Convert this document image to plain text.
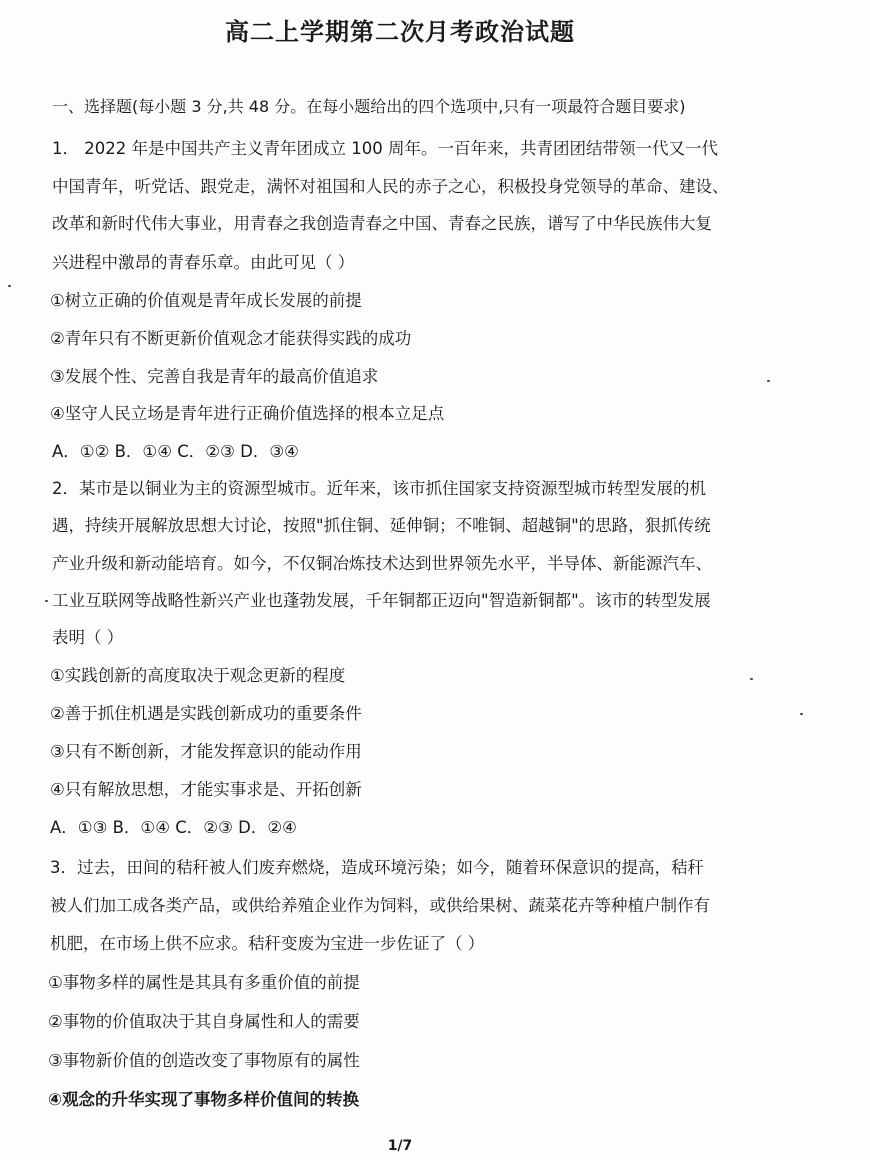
高二上学期第二次月考政治试题
一、选择题(每小题 3 分,共 48 分。在每小题给出的四个选项中,只有一项最符合题目要求)
1． 2022 年是中国共产主义青年团成立 100 周年。一百年来，共青团团结带领一代又一代
中国青年，听党话、跟党走，满怀对祖国和人民的赤子之心，积极投身党领导的革命、建设、
改革和新时代伟大事业，用青春之我创造青春之中国、青春之民族，谱写了中华民族伟大复
兴进程中激昂的青春乐章。由此可见（ ）
①树立正确的价值观是青年成长发展的前提
②青年只有不断更新价值观念才能获得实践的成功
③发展个性、完善自我是青年的最高价值追求
④坚守人民立场是青年进行正确价值选择的根本立足点
A．①② B．①④ C．②③ D．③④
2．某市是以铜业为主的资源型城市。近年来，该市抓住国家支持资源型城市转型发展的机
遇，持续开展解放思想大讨论，按照"抓住铜、延伸铜；不唯铜、超越铜"的思路，狠抓传统
产业升级和新动能培育。如今，不仅铜冶炼技术达到世界领先水平，半导体、新能源汽车、
工业互联网等战略性新兴产业也蓬勃发展，千年铜都正迈向"智造新铜都"。该市的转型发展
表明（ ）
①实践创新的高度取决于观念更新的程度
②善于抓住机遇是实践创新成功的重要条件
③只有不断创新，才能发挥意识的能动作用
④只有解放思想，才能实事求是、开拓创新
A．①③ B．①④ C．②③ D．②④
3．过去，田间的秸秆被人们废弃燃烧，造成环境污染；如今，随着环保意识的提高，秸秆
被人们加工成各类产品，或供给养殖企业作为饲料，或供给果树、蔬菜花卉等种植户制作有
机肥，在市场上供不应求。秸秆变废为宝进一步佐证了（ ）
①事物多样的属性是其具有多重价值的前提
②事物的价值取决于其自身属性和人的需要
③事物新价值的创造改变了事物原有的属性
④观念的升华实现了事物多样价值间的转换
1/7
